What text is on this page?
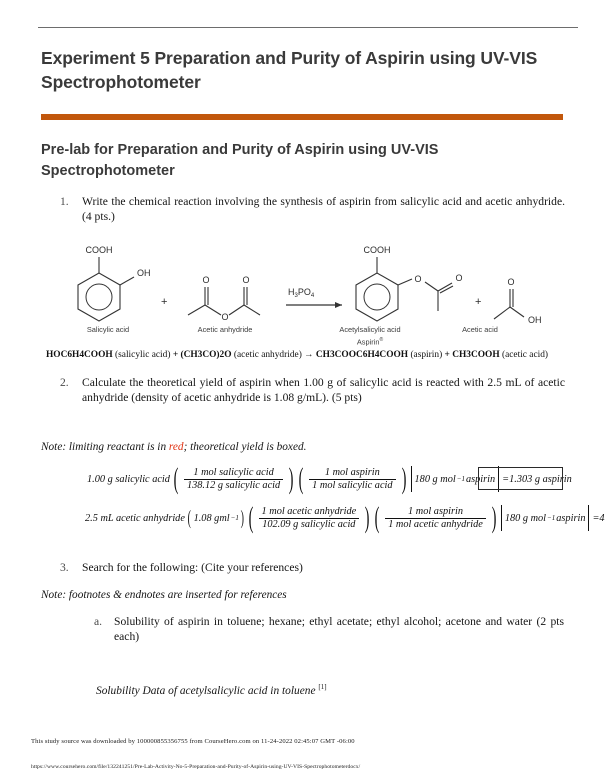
Experiment 5 Preparation and Purity of Aspirin using UV-VIS Spectrophotometer
Pre-lab for Preparation and Purity of Aspirin using UV-VIS Spectrophotometer
1.	Write the chemical reaction involving the synthesis of aspirin from salicylic acid and acetic anhydride. (4 pts.)
COOH
OH
+
O	O
O
$H_3PO_4$
COOH
O	O
+
O
OH
Salicylic acid	Acetic anhydride	Acetylsalicylic acid
Aspirin®
Acetic acid
HOC6H4COOH (salicylic acid) + (CH3CO)2O (acetic anhydride) → CH3COOC6H4COOH (aspirin) + CH3COOH (acetic acid)
2.	Calculate the theoretical yield of aspirin when 1.00 g of salicylic acid is reacted with 2.5 mL of acetic anhydride (density of acetic anhydride is 1.08 g/mL). (5 pts)
Note: limiting reactant is in red; theoretical yield is boxed.
1.00 g salicylic acid ( $\frac{\text{1 mol salicylic acid}}{\text{138.12 g salicylic acid}}$ ) ( $\frac{\text{1 mol aspirin}}{\text{1 mol salicylic acid}}$ ) 180 g mol −1 aspirin =1.303 g aspirin
2.5 mL acetic anhydride ( 1.08 gml −1 ) ( $\frac{\text{1 mol acetic anhydride}}{\text{102.09 g salicylic acid}}$ ) ( $\frac{\text{1 mol aspirin}}{\text{1 mol acetic anhydride}}$ ) 180 g mol −1 aspirin =4
3.	Search for the following: (Cite your references)
Note: footnotes & endnotes are inserted for references
a.	Solubility of aspirin in toluene; hexane; ethyl acetate; ethyl alcohol; acetone and water (2 pts each)
Solubility Data of acetylsalicylic acid in toluene [1]
This study source was downloaded by 100000855356755 from CourseHero.com on 11-24-2022 02:45:07 GMT -06:00
https://www.coursehero.com/file/132241251/Pre-Lab-Activity-No-5-Preparation-and-Purity-of-Aspirin-using-UV-VIS-Spectrophotometerdocx/
